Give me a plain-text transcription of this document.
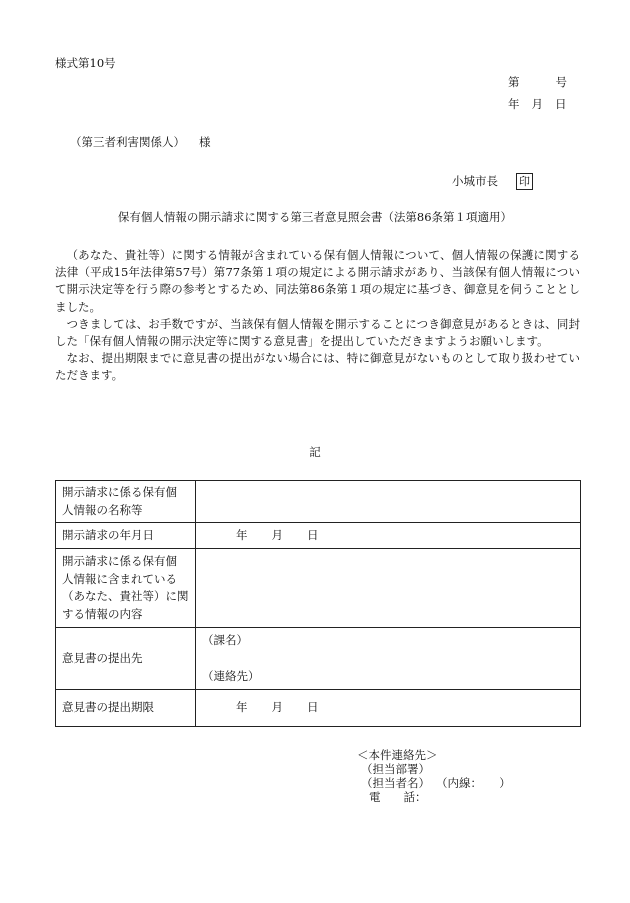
様式第10号
第	号
年 月 日
（第三者利害関係人） 様
小城市長 印
保有個人情報の開示請求に関する第三者意見照会書（法第86条第１項適用）

（あなた、貴社等）に関する情報が含まれている保有個人情報について、個人情報の保護に関する法律（平成15年法律第57号）第77条第１項の規定による開示請求があり、当該保有個人情報について開示決定等を行う際の参考とするため、同法第86条第１項の規定に基づき、御意見を伺うこととしました。

つきましては、お手数ですが、当該保有個人情報を開示することにつき御意見があるときは、同封した「保有個人情報の開示決定等に関する意見書」を提出していただきますようお願いします。

なお、提出期限までに意見書の提出がない場合には、特に御意見がないものとして取り扱わせていただきます。

記
開示請求に係る保有個
人情報の名称等	

開示請求の年月日	年 月 日

開示請求に係る保有個
人情報に含まれている
（あなた、貴社等）に関
する情報の内容	

意見書の提出先	（課名）
（連絡先）

意見書の提出期限	年 月 日
＜本件連絡先＞
（担当部署）
（担当者名） （内線：　　）
電　　話：
